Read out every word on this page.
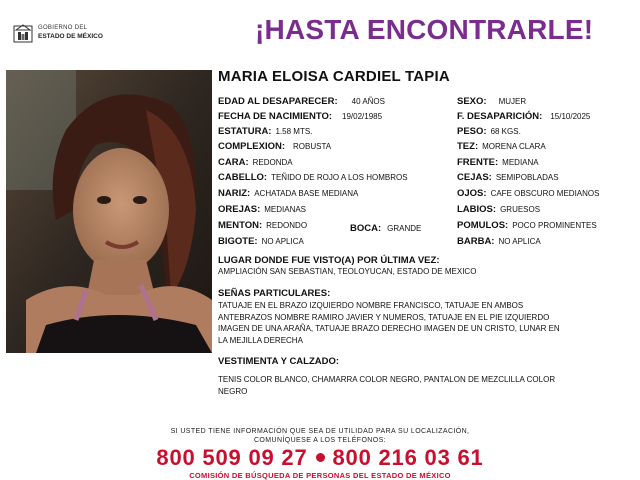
GOBIERNO DEL
ESTADO DE MÉXICO	¡HASTA ENCONTRARLE!
MARIA ELOISA CARDIEL TAPIA
EDAD AL DESAPARECER: 40 AÑOS
FECHA DE NACIMIENTO: 19/02/1985
ESTATURA: 1.58 MTS.
COMPLEXION: ROBUSTA
CARA: REDONDA
CABELLO: TEÑIDO DE ROJO A LOS HOMBROS
NARIZ: ACHATADA BASE MEDIANA
OREJAS: MEDIANAS
MENTON: REDONDO
BIGOTE: NO APLICA
BOCA: GRANDE
SEXO: MUJER
F. DESAPARICIÓN: 15/10/2025
PESO: 68 KGS.
TEZ: MORENA CLARA
FRENTE: MEDIANA
CEJAS: SEMIPOBLADAS
OJOS: CAFE OBSCURO MEDIANOS
LABIOS: GRUESOS
POMULOS: POCO PROMINENTES
BARBA: NO APLICA
LUGAR DONDE FUE VISTO(A) POR ÚLTIMA VEZ:
AMPLIACIÓN SAN SEBASTIAN, TEOLOYUCAN, ESTADO DE MEXICO
SEÑAS PARTICULARES:
TATUAJE EN EL BRAZO IZQUIERDO NOMBRE FRANCISCO, TATUAJE EN AMBOS
ANTEBRAZOS NOMBRE RAMIRO JAVIER Y NUMEROS, TATUAJE EN EL PIE IZQUIERDO
IMAGEN DE UNA ARAÑA, TATUAJE BRAZO DERECHO IMAGEN DE UN CRISTO, LUNAR EN
LA MEJILLA DERECHA
VESTIMENTA Y CALZADO:
TENIS COLOR BLANCO, CHAMARRA COLOR NEGRO, PANTALON DE MEZCLILLA COLOR
NEGRO
SI USTED TIENE INFORMACIÓN QUE SEA DE UTILIDAD PARA SU LOCALIZACIÓN,
COMUNÍQUESE A LOS TELÉFONOS:
800 509 09 27 800 216 03 61
COMISIÓN DE BÚSQUEDA DE PERSONAS DEL ESTADO DE MÉXICO
